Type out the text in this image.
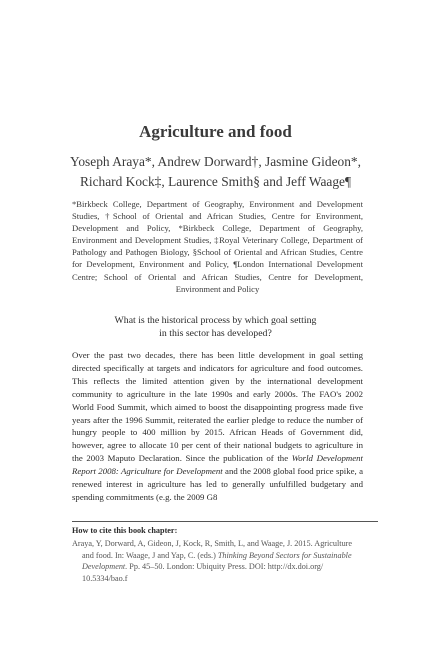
Agriculture and food
Yoseph Araya*, Andrew Dorward†, Jasmine Gideon*,
Richard Kock‡, Laurence Smith§ and Jeff Waage¶
*Birkbeck College, Department of Geography, Environment and Development Studies, †School of Oriental and African Studies, Centre for Environment, Development and Policy, *Birkbeck College, Department of Geography, Environment and Development Studies, ‡Royal Veterinary College, Department of Pathology and Pathogen Biology, §School of Oriental and African Studies, Centre for Development, Environment and Policy, ¶London International Development Centre; School of Oriental and African Studies, Centre for Development, Environment and Policy
What is the historical process by which goal setting
in this sector has developed?
Over the past two decades, there has been little development in goal setting directed specifically at targets and indicators for agriculture and food outcomes. This reflects the limited attention given by the international development community to agriculture in the late 1990s and early 2000s. The FAO's 2002 World Food Summit, which aimed to boost the disappointing progress made five years after the 1996 Summit, reiterated the earlier pledge to reduce the number of hungry people to 400 million by 2015. African Heads of Government did, however, agree to allocate 10 per cent of their national budgets to agriculture in the 2003 Maputo Declaration. Since the publication of the World Development Report 2008: Agriculture for Development and the 2008 global food price spike, a renewed interest in agriculture has led to generally unfulfilled budgetary and spending commitments (e.g. the 2009 G8
How to cite this book chapter:
Araya, Y, Dorward, A, Gideon, J, Kock, R, Smith, L, and Waage, J. 2015. Agriculture
and food. In: Waage, J and Yap, C. (eds.) Thinking Beyond Sectors for Sustainable
Development. Pp. 45–50. London: Ubiquity Press. DOI: http://dx.doi.org/
10.5334/bao.f
